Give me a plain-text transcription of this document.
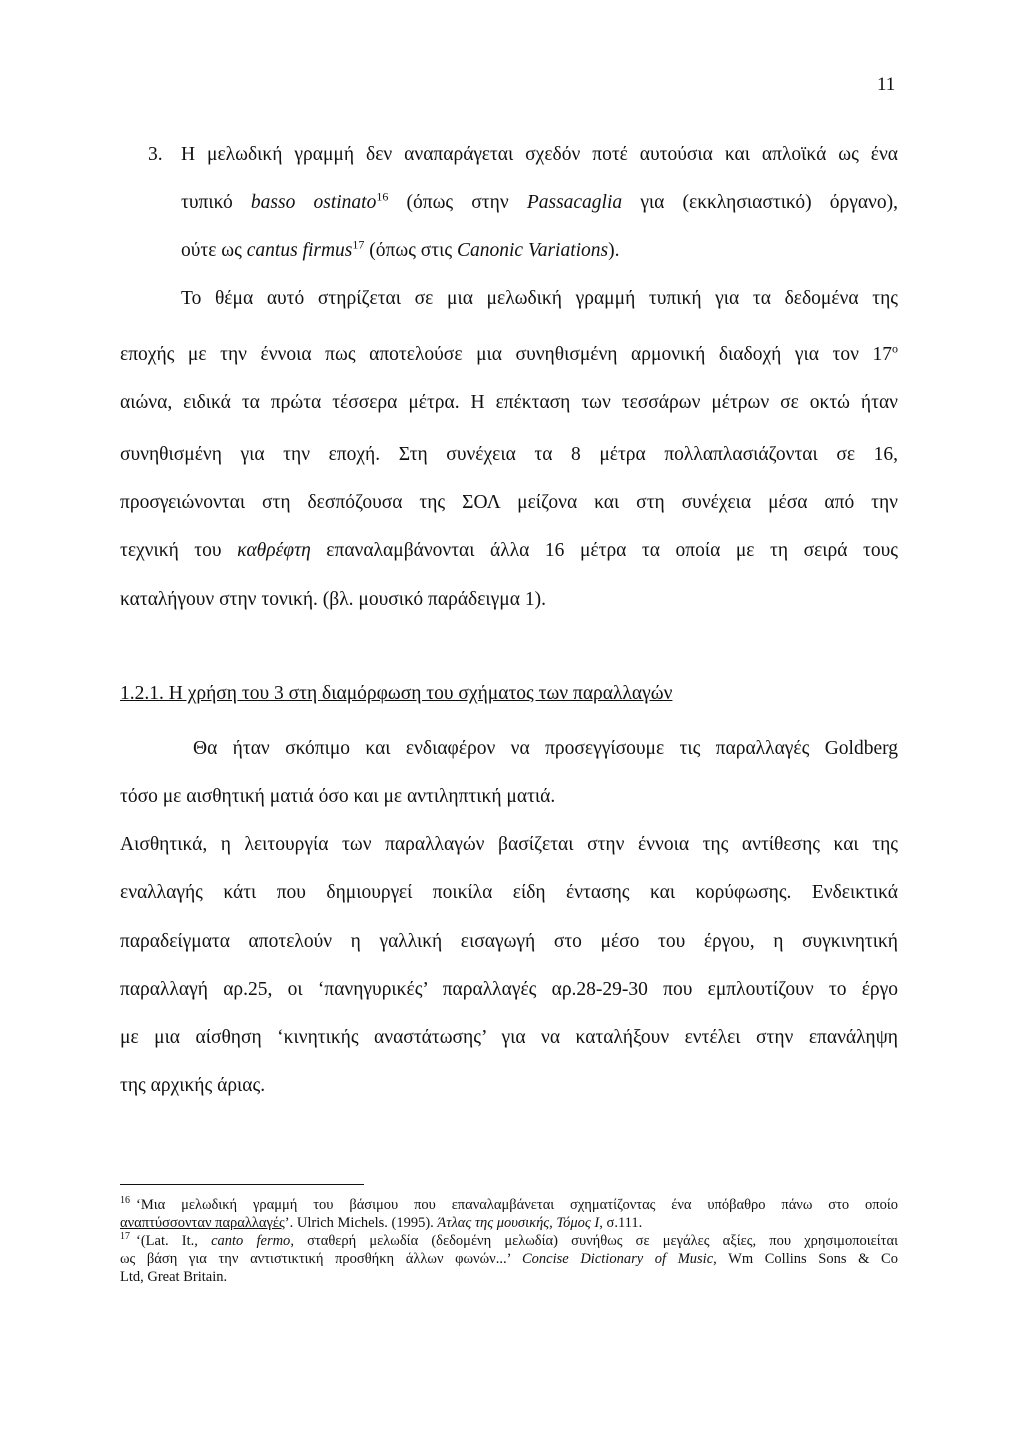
11
3. Η μελωδική γραμμή δεν αναπαράγεται σχεδόν ποτέ αυτούσια και απλοϊκά ως ένα
τυπικό basso ostinato$^{16}$ (όπως στην Passacaglia για (εκκλησιαστικό) όργανο),
ούτε ως cantus firmus$^{17}$ (όπως στις Canonic Variations).
Το θέμα αυτό στηρίζεται σε μια μελωδική γραμμή τυπική για τα δεδομένα της
εποχής με την έννοια πως αποτελούσε μια συνηθισμένη αρμονική διαδοχή για τον $17^o$
αιώνα, ειδικά τα πρώτα τέσσερα μέτρα. Η επέκταση των τεσσάρων μέτρων σε οκτώ ήταν
συνηθισμένη για την εποχή. Στη συνέχεια τα 8 μέτρα πολλαπλασιάζονται σε 16,
προσγειώνονται στη δεσπόζουσα της ΣΟΛ μείζονα και στη συνέχεια μέσα από την
τεχνική του καθρέφτη επαναλαμβάνονται άλλα 16 μέτρα τα οποία με τη σειρά τους
καταλήγουν στην τονική. (βλ. μουσικό παράδειγμα 1).
1.2.1. Η χρήση του 3 στη διαμόρφωση του σχήματος των παραλλαγών
Θα ήταν σκόπιμο και ενδιαφέρον να προσεγγίσουμε τις παραλλαγές Goldberg
τόσο με αισθητική ματιά όσο και με αντιληπτική ματιά.
Αισθητικά, η λειτουργία των παραλλαγών βασίζεται στην έννοια της αντίθεσης και της
εναλλαγής κάτι που δημιουργεί ποικίλα είδη έντασης και κορύφωσης. Ενδεικτικά
παραδείγματα αποτελούν η γαλλική εισαγωγή στο μέσο του έργου, η συγκινητική
παραλλαγή αρ.25, οι ‘πανηγυρικές’ παραλλαγές αρ.28-29-30 που εμπλουτίζουν το έργο
με μια αίσθηση ‘κινητικής αναστάτωσης’ για να καταλήξουν εντέλει στην επανάληψη
της αρχικής άριας.
$^{16}$ ‘Μια μελωδική γραμμή του βάσιμου που επαναλαμβάνεται σχηματίζοντας ένα υπόβαθρο πάνω στο οποίο
αναπτύσσονταν παραλλαγές’. Ulrich Michels. (1995). Άτλας της μουσικής, Τόμος I, σ.111.
$^{17}$ ‘(Lat. It., canto fermo, σταθερή μελωδία (δεδομένη μελωδία) συνήθως σε μεγάλες αξίες, που χρησιμοποιείται
ως βάση για την αντιστικτική προσθήκη άλλων φωνών...’ Concise Dictionary of Music, Wm Collins Sons & Co
Ltd, Great Britain.
